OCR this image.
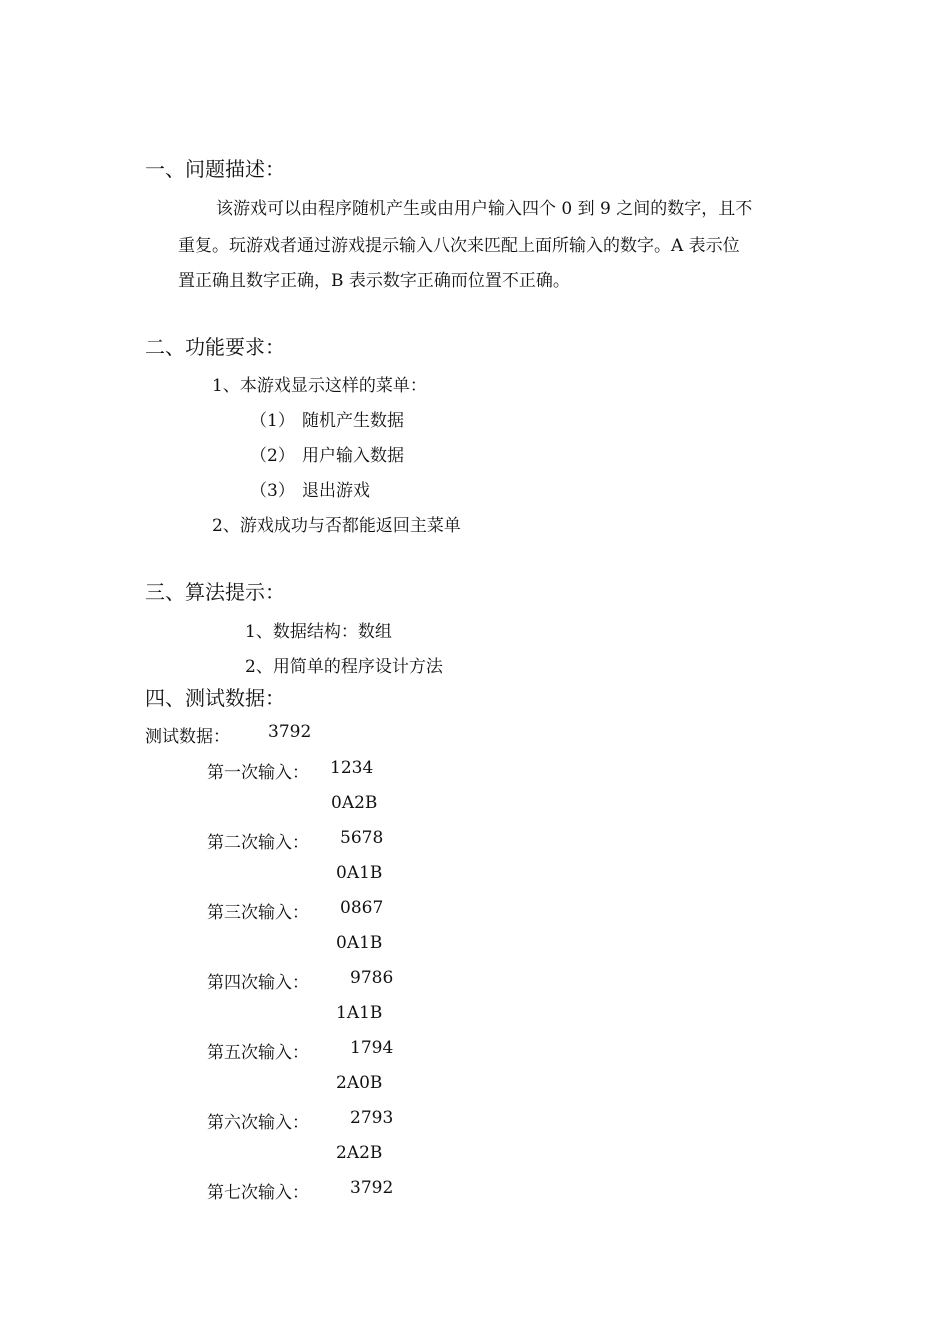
一、问题描述：
该游戏可以由程序随机产生或由用户输入四个 0 到 9 之间的数字，且不
重复。玩游戏者通过游戏提示输入八次来匹配上面所输入的数字。A 表示位
置正确且数字正确，B 表示数字正确而位置不正确。
二、功能要求：
1、本游戏显示这样的菜单：
（1） 随机产生数据
（2） 用户输入数据
（3） 退出游戏
2、游戏成功与否都能返回主菜单
三、算法提示：
1、数据结构：数组
2、用简单的程序设计方法
四、测试数据：
测试数据： 3792
第一次输入： 1234
0A2B
第二次输入： 5678
0A1B
第三次输入： 0867
0A1B
第四次输入： 9786
1A1B
第五次输入： 1794
2A0B
第六次输入： 2793
2A2B
第七次输入： 3792
